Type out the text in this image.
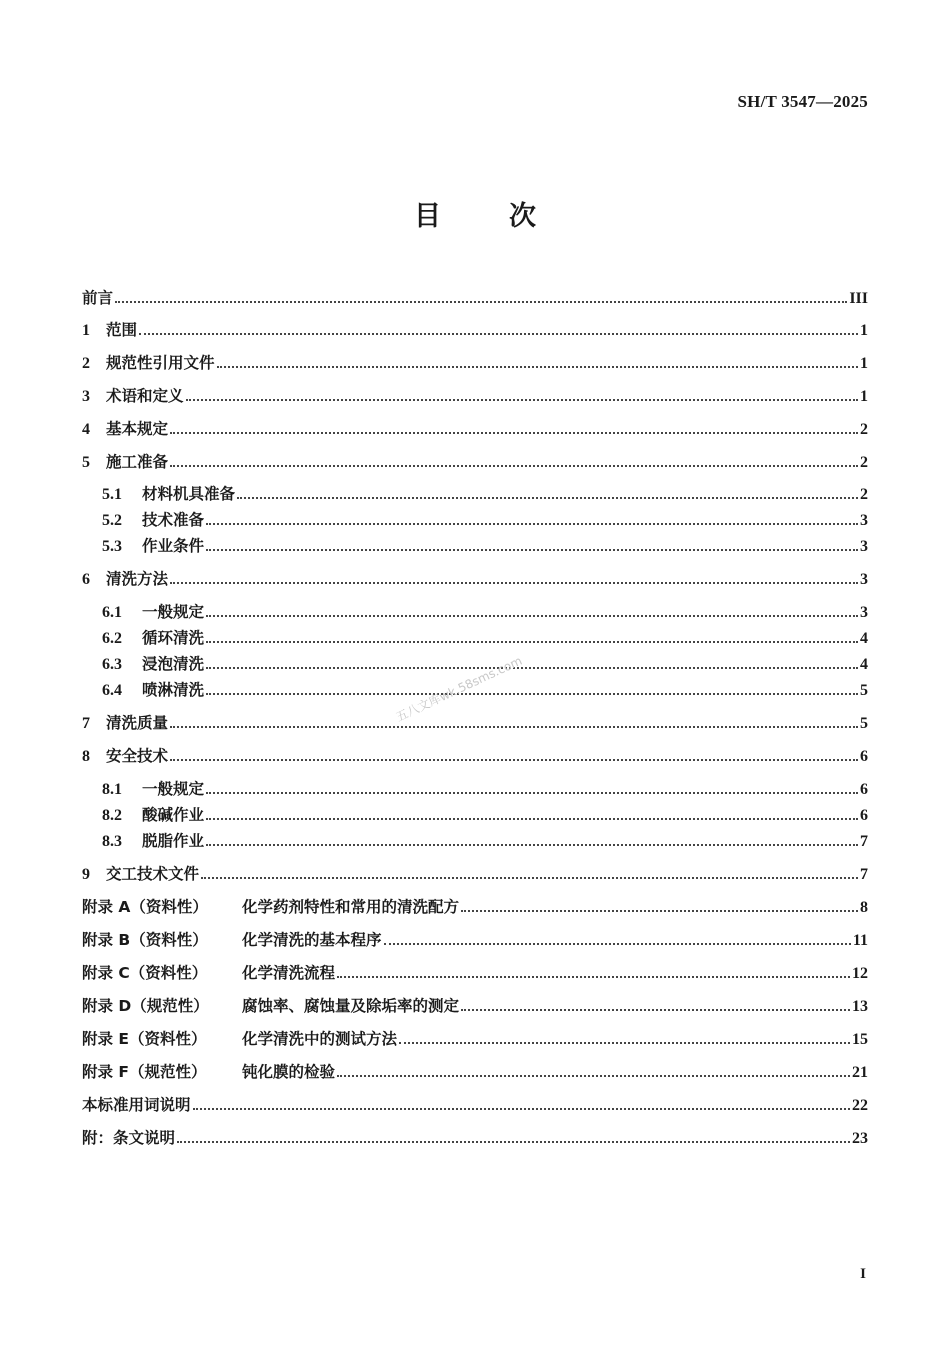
SH/T 3547—2025
目	次
前言	III
1	范围	1
2	规范性引用文件	1
3	术语和定义	1
4	基本规定	2
5	施工准备	2
5.1	材料机具准备	2
5.2	技术准备	3
5.3	作业条件	3
6	清洗方法	3
6.1	一般规定	3
6.2	循环清洗	4
6.3	浸泡清洗	4
6.4	喷淋清洗	5
7	清洗质量	5
8	安全技术	6
8.1	一般规定	6
8.2	酸碱作业	6
8.3	脱脂作业	7
9	交工技术文件	7
附录 A（资料性）	化学药剂特性和常用的清洗配方	8
附录 B（资料性）	化学清洗的基本程序	11
附录 C（资料性）	化学清洗流程	12
附录 D（规范性）	腐蚀率、腐蚀量及除垢率的测定	13
附录 E（资料性）	化学清洗中的测试方法	15
附录 F（规范性）	钝化膜的检验	21
本标准用词说明	22
附：条文说明	23
五八文库wk.58sms.com
I
